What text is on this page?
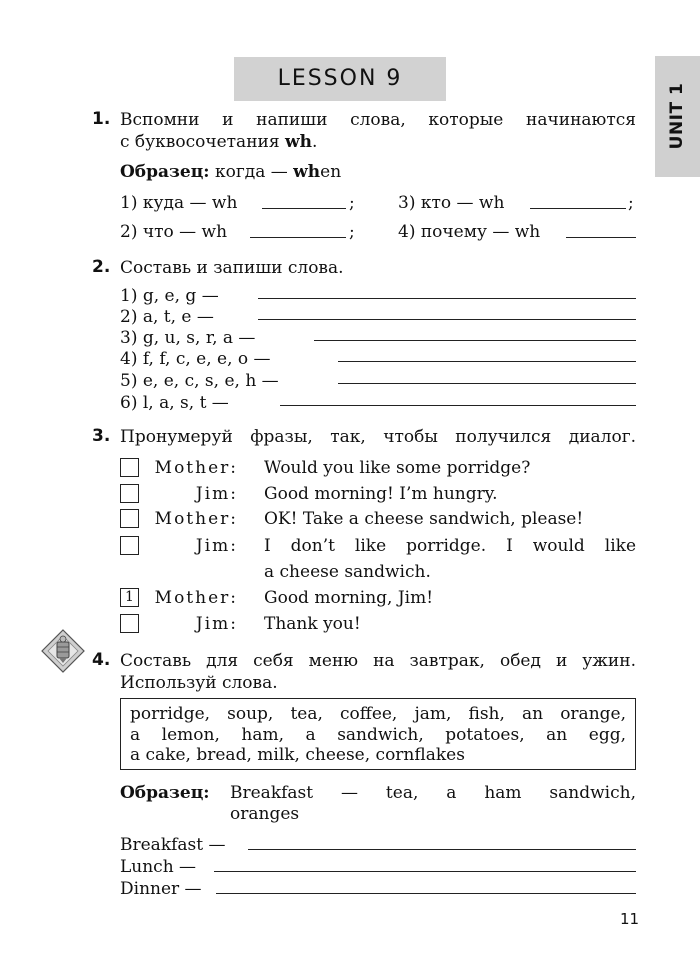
LESSON 9
UNIT 1
1. Вспомни и напиши слова, которые начинаются
с буквосочетания wh.
Образец: когда — when
1) куда — wh	;	3) кто — wh	;
2) что — wh	;	4) почему — wh
2. Составь и запиши слова.
1) g, e, g —
2) a, t, e —
3) g, u, s, r, a —
4) f, f, c, e, e, o —
5) e, e, c, s, e, h —
6) l, a, s, t —
3. Пронумеруй фразы, так, чтобы получился диалог.
Mother: Would you like some porridge?
Jim: Good morning! I’m hungry.
Mother: OK! Take a cheese sandwich, please!
Jim: I don’t like porridge. I would like
a cheese sandwich.
1	Mother: Good morning, Jim!
Jim: Thank you!
4. Составь для себя меню на завтрак, обед и ужин.
Используй слова.
porridge, soup, tea, coffee, jam, fish, an orange,
a lemon, ham, a sandwich, potatoes, an egg,
a cake, bread, milk, cheese, cornflakes
Образец: Breakfast — tea, a ham sandwich,
oranges
Breakfast —
Lunch —
Dinner —
11
